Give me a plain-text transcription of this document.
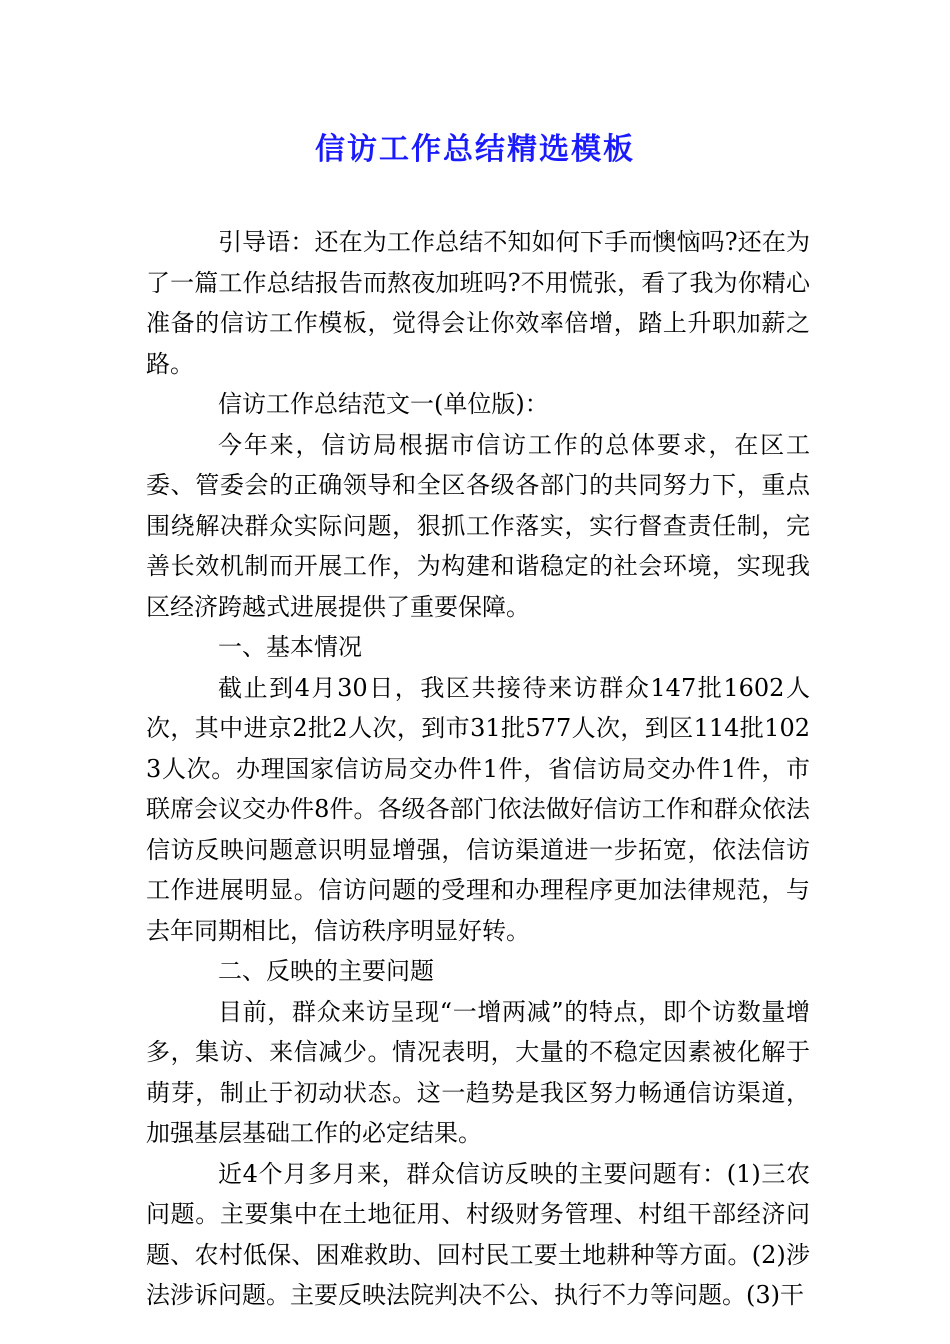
信访工作总结精选模板

引导语：还在为工作总结不知如何下手而懊恼吗?还在为了一篇工作总结报告而熬夜加班吗?不用慌张，看了我为你精心准备的信访工作模板，觉得会让你效率倍增，踏上升职加薪之路。

信访工作总结范文一(单位版)：

今年来，信访局根据市信访工作的总体要求，在区工委、管委会的正确领导和全区各级各部门的共同努力下，重点围绕解决群众实际问题，狠抓工作落实，实行督查责任制，完善长效机制而开展工作，为构建和谐稳定的社会环境，实现我区经济跨越式进展提供了重要保障。

一、基本情况

截止到4月30日，我区共接待来访群众147批1602人次，其中进京2批2人次，到市31批577人次，到区114批1023人次。办理国家信访局交办件1件，省信访局交办件1件，市联席会议交办件8件。各级各部门依法做好信访工作和群众依法信访反映问题意识明显增强，信访渠道进一步拓宽，依法信访工作进展明显。信访问题的受理和办理程序更加法律规范，与去年同期相比，信访秩序明显好转。

二、反映的主要问题

目前，群众来访呈现“一增两减”的特点，即个访数量增多，集访、来信减少。情况表明，大量的不稳定因素被化解于萌芽，制止于初动状态。这一趋势是我区努力畅通信访渠道，加强基层基础工作的必定结果。

近4个月多月来，群众信访反映的主要问题有：(1)三农问题。主要集中在土地征用、村级财务管理、村组干部经济问题、农村低保、困难救助、回村民工要土地耕种等方面。(2)涉法涉诉问题。主要反映法院判决不公、执行不力等问题。(3)干
